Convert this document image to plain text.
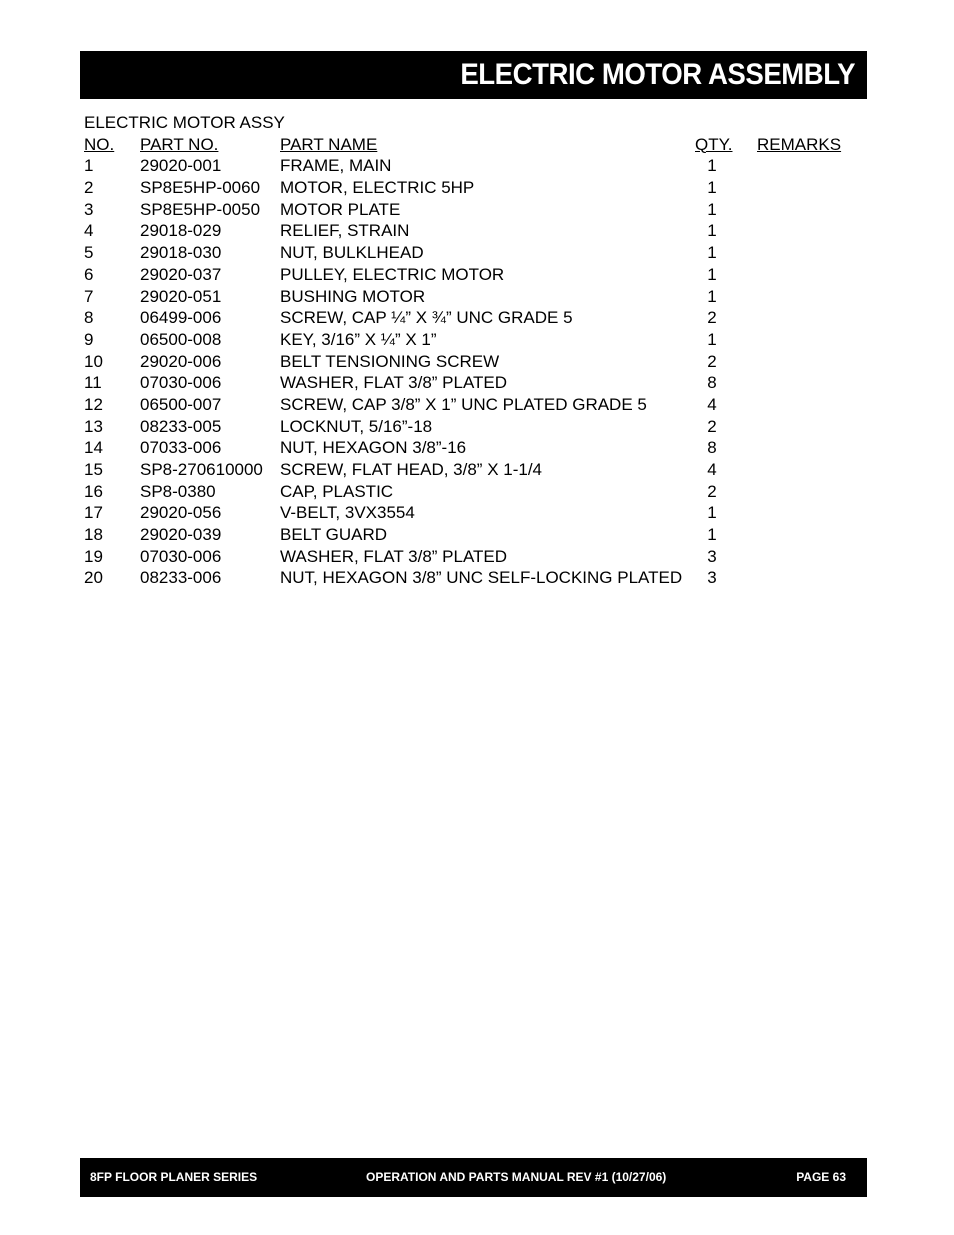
ELECTRIC MOTOR ASSEMBLY
ELECTRIC MOTOR ASSY
NO. PART NO.	PART NAME	QTY. REMARKS
1	29020-001	FRAME, MAIN	1
2	SP8E5HP-0060 MOTOR, ELECTRIC 5HP	1
3	SP8E5HP-0050 MOTOR PLATE	1
4	29018-029	RELIEF, STRAIN	1
5	29018-030	NUT, BULKLHEAD	1
6	29020-037	PULLEY, ELECTRIC MOTOR	1
7	29020-051	BUSHING MOTOR	1
8	06499-006	SCREW, CAP ¼” X ¾” UNC GRADE 5	2
9	06500-008	KEY, 3/16” X ¼” X 1”	1
10 29020-006	BELT TENSIONING SCREW	2
11 07030-006	WASHER, FLAT 3/8” PLATED	8
12 06500-007	SCREW, CAP 3/8” X 1” UNC PLATED GRADE 5	4
13 08233-005	LOCKNUT, 5/16”-18	2
14 07033-006	NUT, HEXAGON 3/8”-16	8
15 SP8-270610000 SCREW, FLAT HEAD, 3/8” X 1-1/4	4
16 SP8-0380	CAP, PLASTIC	2
17 29020-056	V-BELT, 3VX3554	1
18 29020-039	BELT GUARD	1
19 07030-006	WASHER, FLAT 3/8” PLATED	3
20 08233-006	NUT, HEXAGON 3/8” UNC SELF-LOCKING PLATED	3
8FP FLOOR PLANER SERIES	OPERATION AND PARTS MANUAL REV #1 (10/27/06)	PAGE 63
